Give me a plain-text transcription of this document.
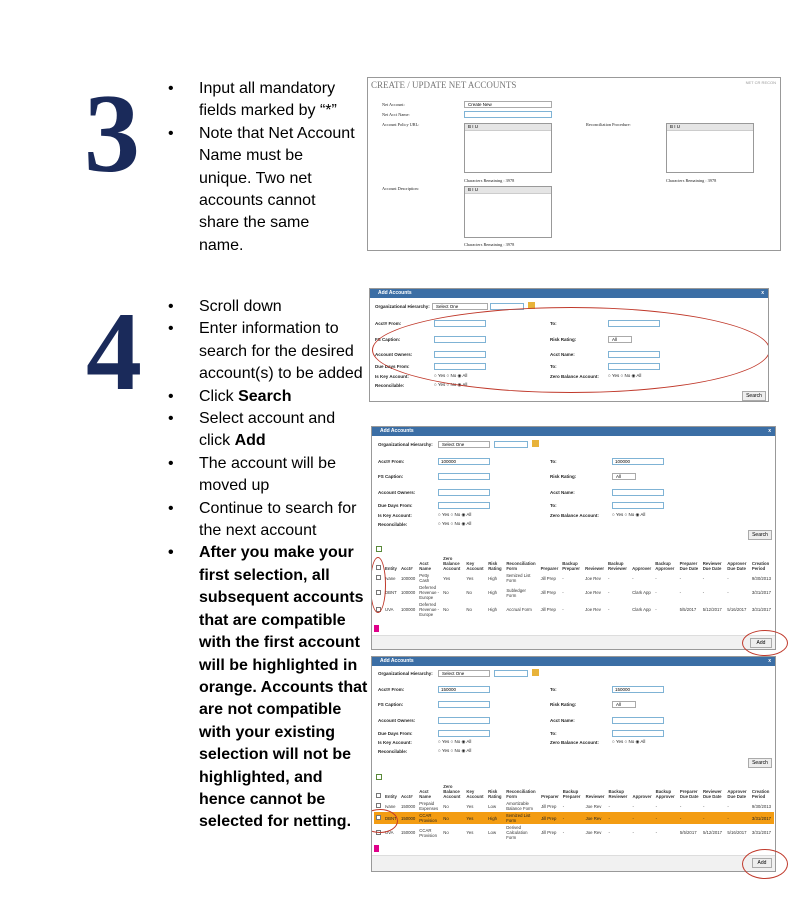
3	• Input all mandatory fields marked by “*”
• Note that Net Account Name must be unique. Two net accounts cannot share the same name.
CREATE / UPDATE NET ACCOUNTS	NET CR RECON
Net Account:	Create New
Net Acct Name:
Account Policy URL:	B I U
Characters Remaining : 3978
Reconciliation Procedure:	B I U
Characters Remaining : 3978
Account Description:	B I U
Characters Remaining : 3978
4	• Scroll down
• Enter information to search for the desired account(s) to be added
• Click Search
• Select account and click Add
• The account will be moved up
• Continue to search for the next account
• After you make your first selection, all subsequent accounts that are compatible with the first account will be highlighted in orange. Accounts that are not compatible with your existing selection will not be highlighted, and hence cannot be selected for netting.
Add Accounts	x
Organizational Hierarchy:	Select One
Acct# From:	To:
FS Caption:	Risk Rating:	All
Account Owners:	Acct Name:
Due Days From:	To:
Is Key Account:	○ Yes ○ No ◉ All	Zero Balance Account: ○ Yes ○ No ◉ All
Reconcilable:	○ Yes ○ No ◉ All
Search
Add Accounts	x
Organizational Hierarchy:	Select One
Acct# From:	100000	To:	100000
FS Caption:	Risk Rating:	All
Account Owners:	Acct Name:
Due Days From:	To:
Is Key Account:	○ Yes ○ No ◉ All	Zero Balance Account:	○ Yes ○ No ◉ All
Reconcilable:	○ Yes ○ No ◉ All
Search
	Entity	Acct#	Acct Name	Zero Balance Account	Key Account	Risk Rating	Reconciliation Form	Preparer	Backup Preparer	Reviewer	Backup Reviewer	Approver	Backup Approver	Preparer Due Date	Reviewer Due Date	Approver Due Date	Creation Period
	Ivane	100000	Petty Cash	Yes	Yes	High	Itemized List Form	Jill Prep	-	Joe Rev	-	-	-	-	-	-	9/30/2013
	DBNT	100000	Deferred Revenue - Europe	No	No	High	Subledger Form	Jill Prep	-	Joe Rev	-	Clark App	-	-	-	-	3/31/2017
	UVA	100000	Deferred Revenue - Europe	No	No	High	Accrual Form	Jill Prep	-	Joe Rev	-	Clark App	-	5/5/2017	5/12/2017	5/16/2017	3/31/2017
Add
Add Accounts	x
Organizational Hierarchy:	Select One
Acct# From:	150000	To:	150000
FS Caption:	Risk Rating:	All
Account Owners:	Acct Name:
Due Days From:	To:
Is Key Account:	○ Yes ○ No ◉ All	Zero Balance Account:	○ Yes ○ No ◉ All
Reconcilable:	○ Yes ○ No ◉ All
Search
	Entity	Acct#	Acct Name	Zero Balance Account	Key Account	Risk Rating	Reconciliation Form	Preparer	Backup Preparer	Reviewer	Backup Reviewer	Approver	Backup Approver	Preparer Due Date	Reviewer Due Date	Approver Due Date	Creation Period
	Ivane	150000	Prepaid Expenses	No	Yes	Low	Amortizable Balance Form	Jill Prep	-	Joe Rev	-	-	-	-	-	-	9/30/2013
	DBNT	150000	CCAR Provision	No	Yes	High	Itemized List Form	Jill Prep	-	Joe Rev	-	-	-	-	-	-	3/31/2017
	UVA	150000	CCAR Provision	No	Yes	Low	Derived Calculation Form	Jill Prep	-	Joe Rev	-	-	-	5/5/2017	5/12/2017	5/16/2017	3/31/2017
Add
